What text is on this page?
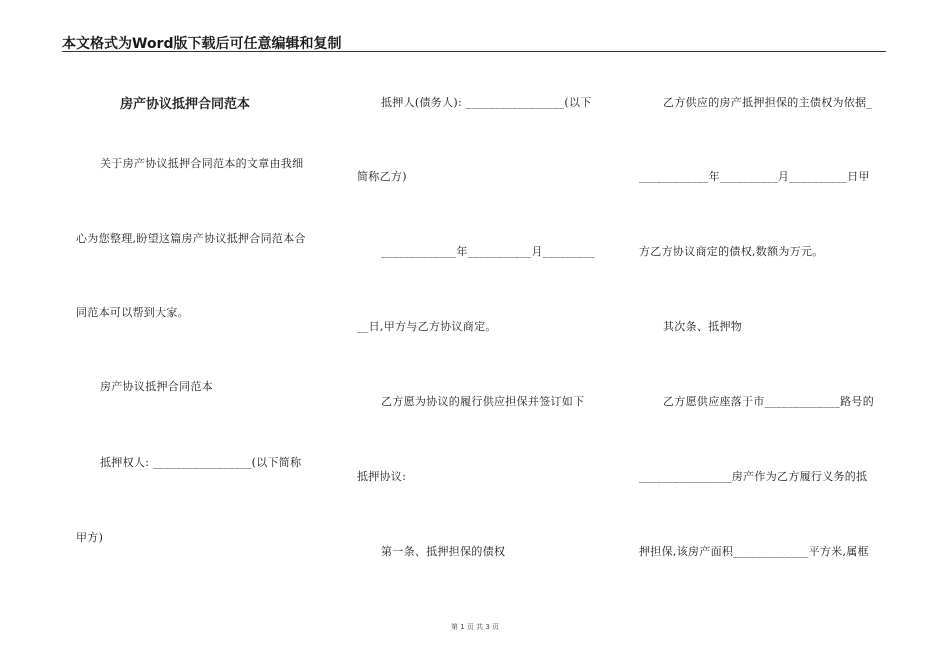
本文格式为Word版下载后可任意编辑和复制
房产协议抵押合同范本
关于房产协议抵押合同范本的文章由我细
心为您整理,盼望这篇房产协议抵押合同范本合
同范本可以帮到大家。
房产协议抵押合同范本
抵押权人: _________________(以下简称
甲方)
抵押人(债务人): _________________(以下
简称乙方)
_____________年___________月_________
__日,甲方与乙方协议商定。
乙方愿为协议的履行供应担保并签订如下
抵押协议:
第一条、抵押担保的债权
乙方供应的房产抵押担保的主债权为依据_
____________年__________月__________日甲
方乙方协议商定的债权,数额为万元。
其次条、抵押物
乙方愿供应座落于市_____________路号的
________________房产作为乙方履行义务的抵
押担保,该房产面积_____________平方米,属框
第 1 页 共 3 页
